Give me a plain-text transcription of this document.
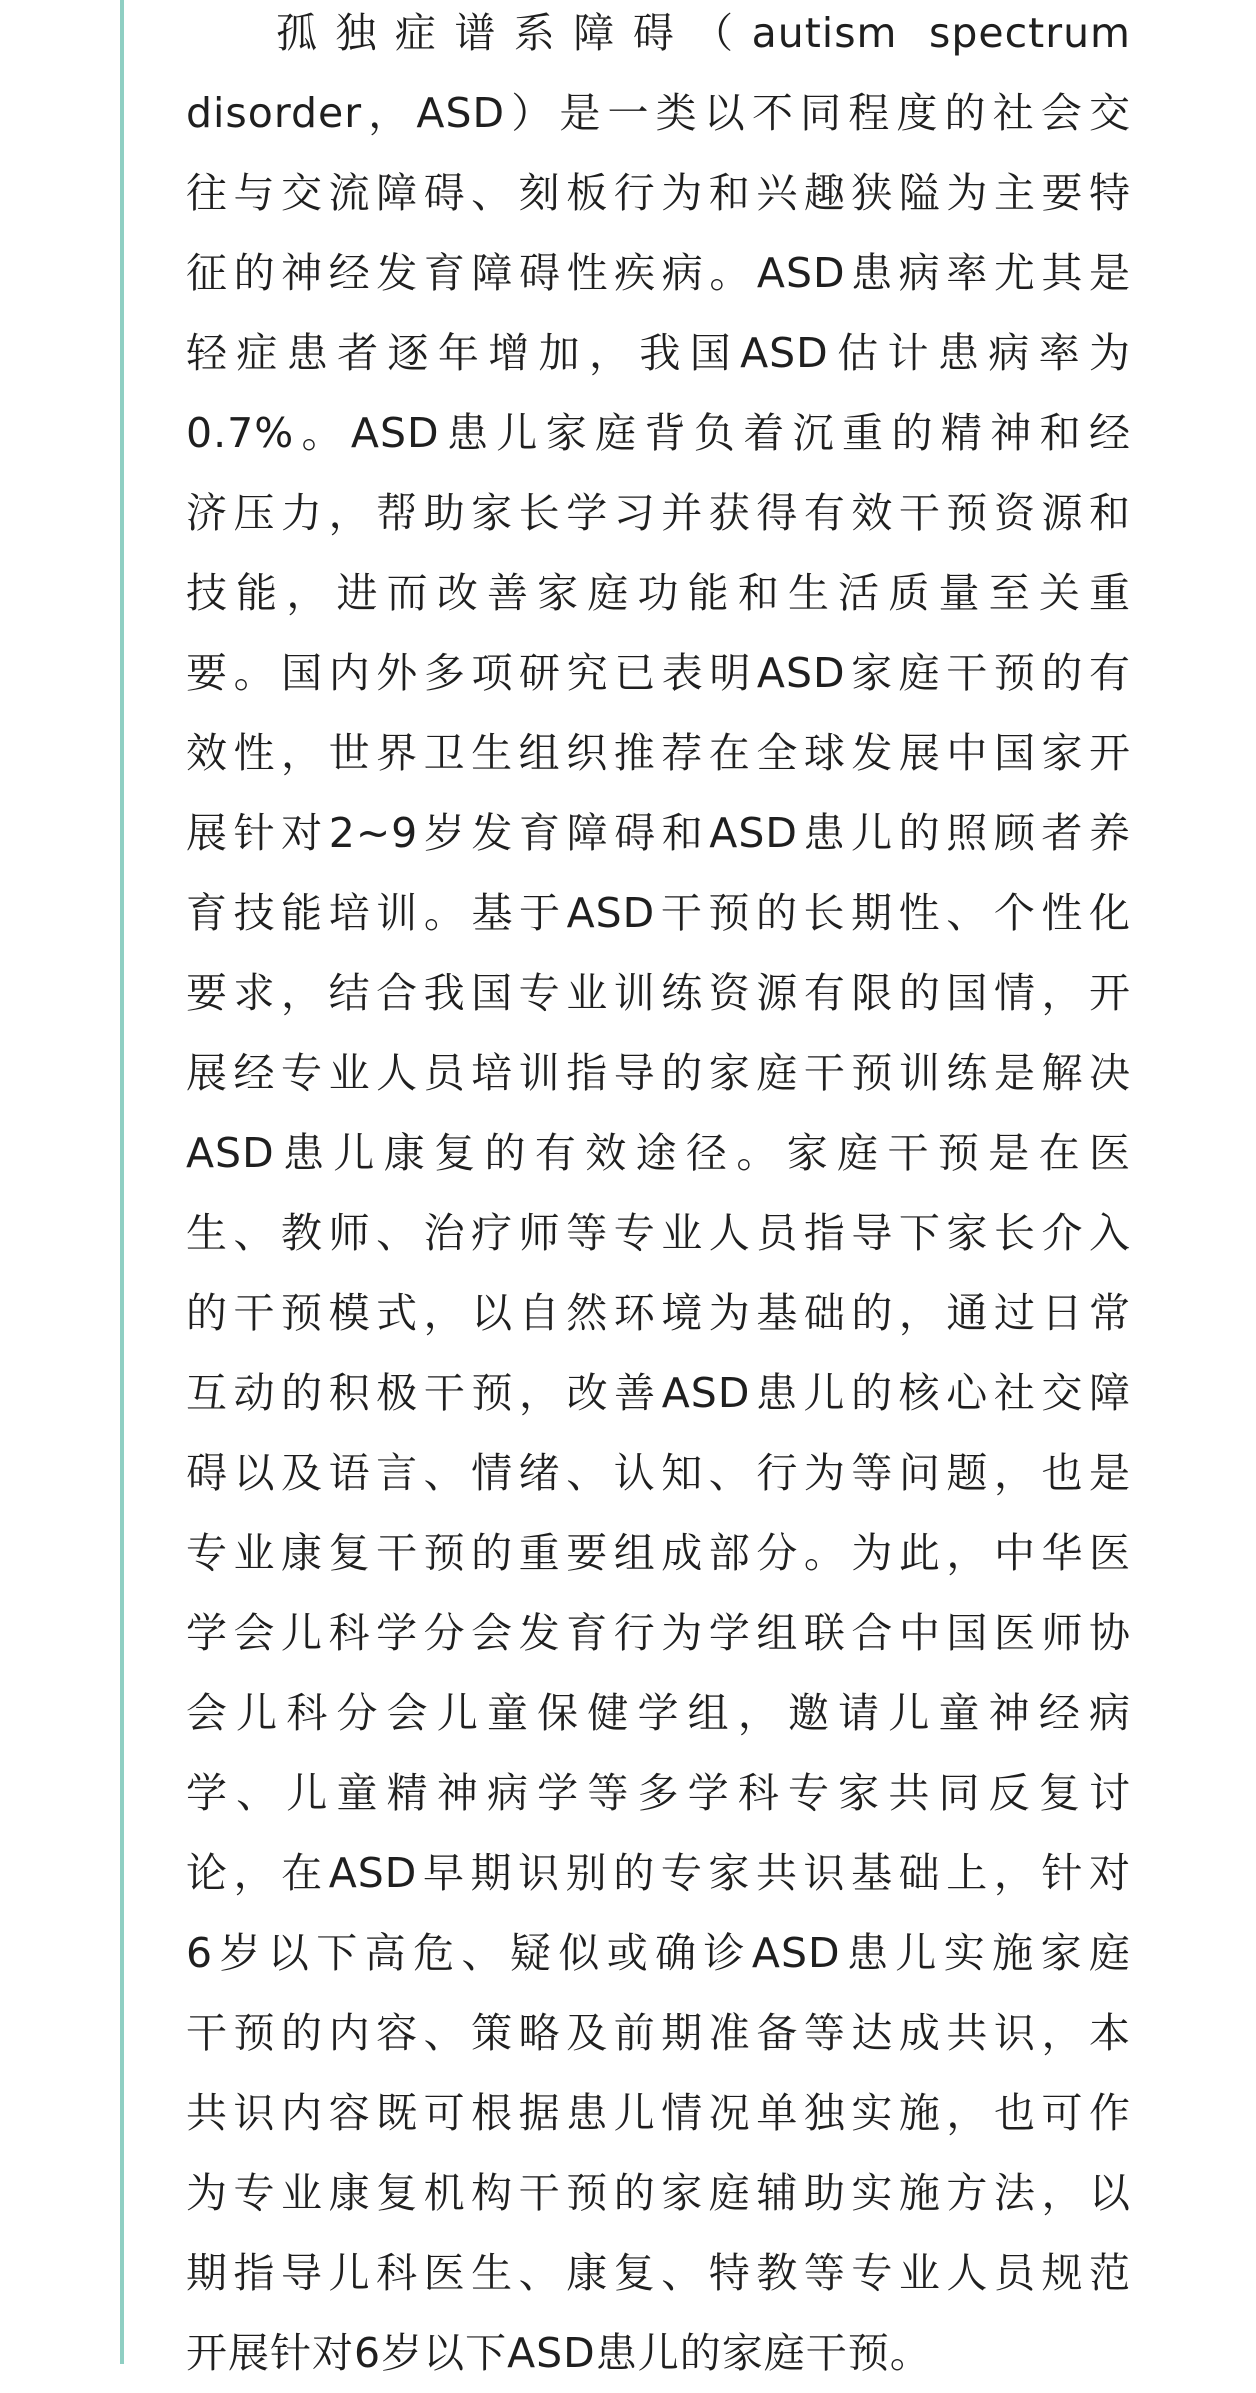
孤独症谱系障碍（autism spectrum
disorder，ASD）是一类以不同程度的社会交
往与交流障碍、刻板行为和兴趣狭隘为主要特
征的神经发育障碍性疾病。ASD患病率尤其是
轻症患者逐年增加，我国ASD估计患病率为
0.7%。ASD患儿家庭背负着沉重的精神和经
济压力，帮助家长学习并获得有效干预资源和
技能，进而改善家庭功能和生活质量至关重
要。国内外多项研究已表明ASD家庭干预的有
效性，世界卫生组织推荐在全球发展中国家开
展针对2~9岁发育障碍和ASD患儿的照顾者养
育技能培训。基于ASD干预的长期性、个性化
要求，结合我国专业训练资源有限的国情，开
展经专业人员培训指导的家庭干预训练是解决
ASD患儿康复的有效途径。家庭干预是在医
生、教师、治疗师等专业人员指导下家长介入
的干预模式，以自然环境为基础的，通过日常
互动的积极干预，改善ASD患儿的核心社交障
碍以及语言、情绪、认知、行为等问题，也是
专业康复干预的重要组成部分。为此，中华医
学会儿科学分会发育行为学组联合中国医师协
会儿科分会儿童保健学组，邀请儿童神经病
学、儿童精神病学等多学科专家共同反复讨
论，在ASD早期识别的专家共识基础上，针对
6岁以下高危、疑似或确诊ASD患儿实施家庭
干预的内容、策略及前期准备等达成共识，本
共识内容既可根据患儿情况单独实施，也可作
为专业康复机构干预的家庭辅助实施方法，以
期指导儿科医生、康复、特教等专业人员规范
开展针对6岁以下ASD患儿的家庭干预。
